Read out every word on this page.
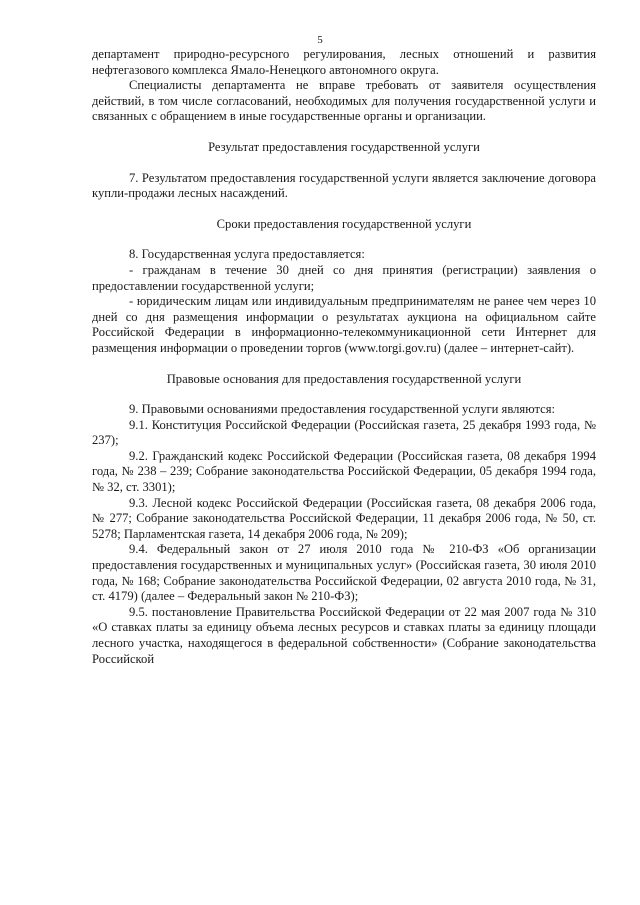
5

департамент природно-ресурсного регулирования, лесных отношений и развития нефтегазового комплекса Ямало-Ненецкого автономного округа.

Специалисты департамента не вправе требовать от заявителя осуществления действий, в том числе согласований, необходимых для получения государственной услуги и связанных с обращением в иные государственные органы и организации.

Результат предоставления государственной услуги

7. Результатом предоставления государственной услуги является заключение договора купли-продажи лесных насаждений.

Сроки предоставления государственной услуги

8. Государственная услуга предоставляется:

- гражданам в течение 30 дней со дня принятия (регистрации) заявления о предоставлении государственной услуги;

- юридическим лицам или индивидуальным предпринимателям не ранее чем через 10 дней со дня размещения информации о результатах аукциона на официальном сайте Российской Федерации в информационно-телекоммуникационной сети Интернет для размещения информации о проведении торгов (www.torgi.gov.ru) (далее – интернет-сайт).

Правовые основания для предоставления государственной услуги

9. Правовыми основаниями предоставления государственной услуги являются:

9.1. Конституция Российской Федерации (Российская газета, 25 декабря 1993 года, № 237);

9.2. Гражданский кодекс Российской Федерации (Российская газета, 08 декабря 1994 года, № 238 – 239; Собрание законодательства Российской Федерации, 05 декабря 1994 года, № 32, ст. 3301);

9.3. Лесной кодекс Российской Федерации (Российская газета, 08 декабря 2006 года, № 277; Собрание законодательства Российской Федерации, 11 декабря 2006 года, № 50, ст. 5278; Парламентская газета, 14 декабря 2006 года, № 209);

9.4. Федеральный закон от 27 июля 2010 года № 210-ФЗ «Об организации предоставления государственных и муниципальных услуг» (Российская газета, 30 июля 2010 года, № 168; Собрание законодательства Российской Федерации, 02 августа 2010 года, № 31, ст. 4179) (далее – Федеральный закон № 210-ФЗ);

9.5. постановление Правительства Российской Федерации от 22 мая 2007 года № 310 «О ставках платы за единицу объема лесных ресурсов и ставках платы за единицу площади лесного участка, находящегося в федеральной собственности» (Собрание законодательства Российской
